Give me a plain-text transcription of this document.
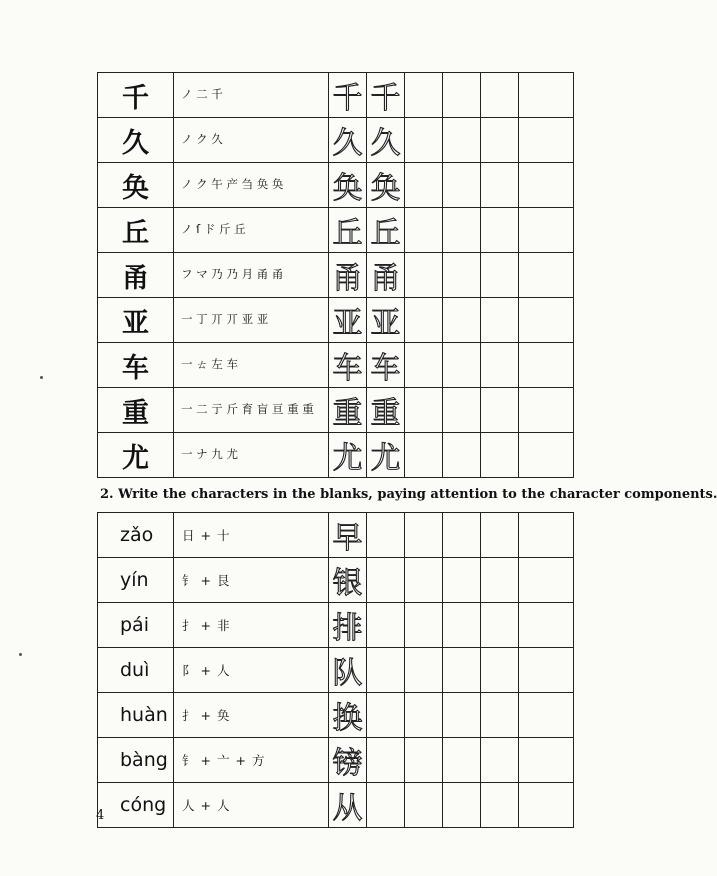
千	ノ 二 千	千	千				
久	ノ ク 久	久	久				
奂	ノ ク 午 产 刍 奂 奂	奂	奂				
丘	ノ ſ ド 斤 丘	丘	丘				
甬	フ マ 乃 乃 月 甬 甬	甬	甬				
亚	一 丁 丌 丌 亚 亚	亚	亚				
车	一 ㄊ 左 车	车	车				
重	一 二 亍 斤 育 盲 亘 重 重	重	重				
尤	一 ナ 九 尤	尤	尤				
2. Write the characters in the blanks, paying attention to the character components.
zǎo	日 + 十	早					
yín	钅 + 艮	银					
pái	扌 + 非	排					
duì	阝 + 人	队					
huàn	扌 + 奂	换					
bàng	钅 + 亠 + 方	镑					
cóng	人 + 人	从					
4
